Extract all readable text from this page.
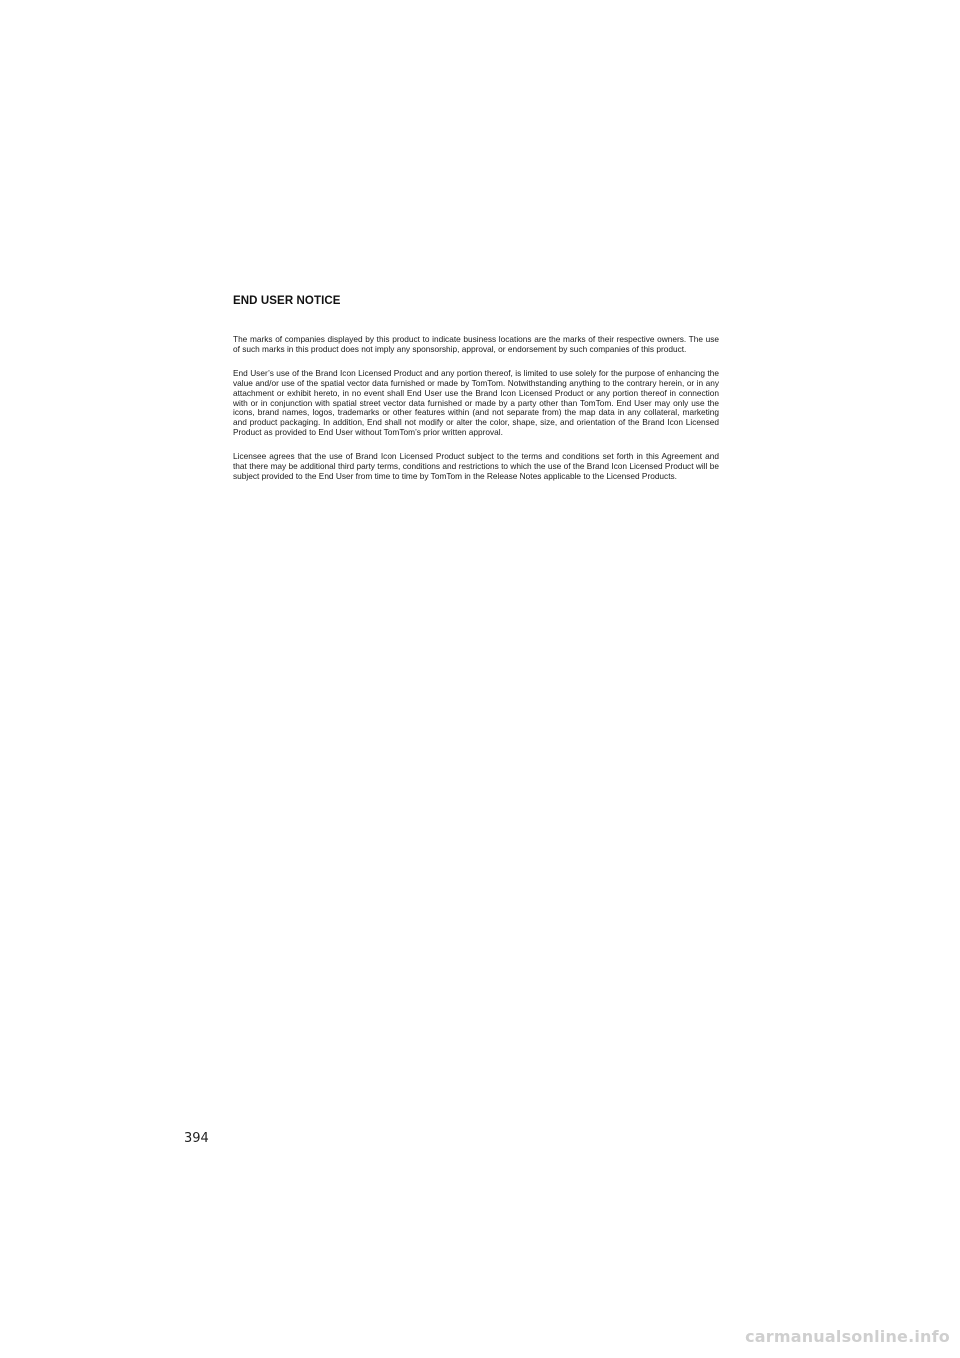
END USER NOTICE

The marks of companies displayed by this product to indicate business locations are the marks of their respective owners. The use of such marks in this product does not imply any sponsorship, approval, or endorsement by such companies of this product.

End User’s use of the Brand Icon Licensed Product and any portion thereof, is limited to use solely for the purpose of enhancing the value and/or use of the spatial vector data furnished or made by TomTom. Notwithstanding anything to the contrary herein, or in any attachment or exhibit hereto, in no event shall End User use the Brand Icon Licensed Product or any portion thereof in connection with or in conjunction with spatial street vector data furnished or made by a party other than TomTom. End User may only use the icons, brand names, logos, trademarks or other features within (and not separate from) the map data in any collateral, marketing and product packaging. In addition, End shall not modify or alter the color, shape, size, and orientation of the Brand Icon Licensed Product as provided to End User without TomTom’s prior written approval.

Licensee agrees that the use of Brand Icon Licensed Product subject to the terms and conditions set forth in this Agreement and that there may be additional third party terms, conditions and restrictions to which the use of the Brand Icon Licensed Product will be subject provided to the End User from time to time by TomTom in the Release Notes applicable to the Licensed Products.

394

carmanualsonline.info
